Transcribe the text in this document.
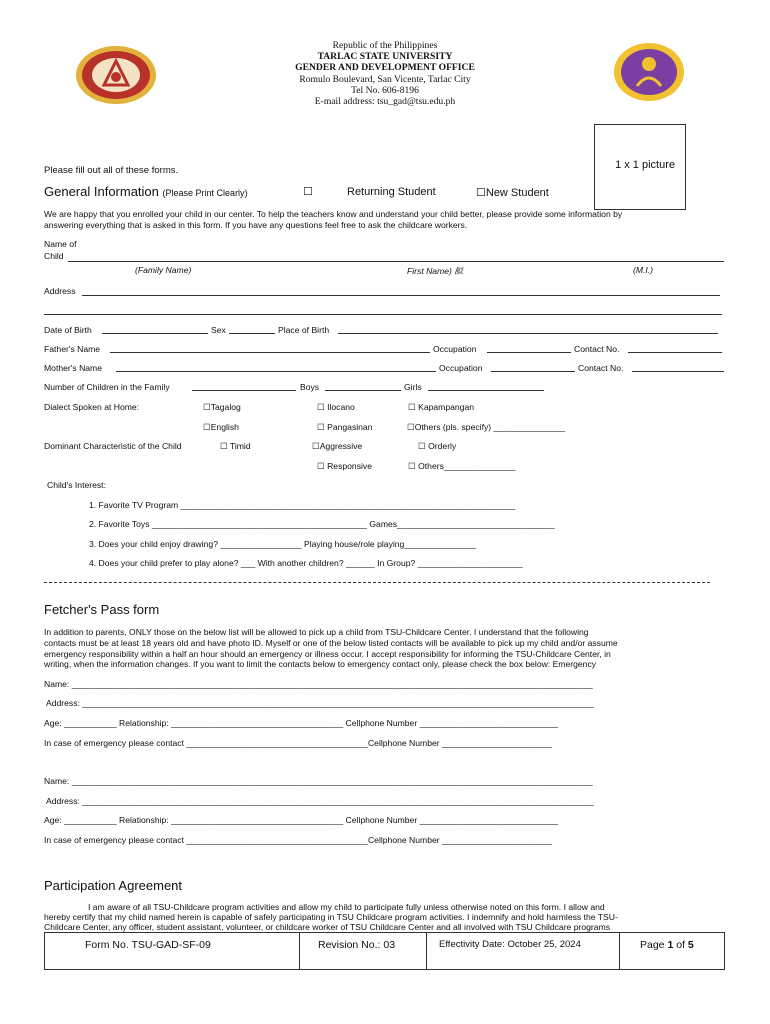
Republic of the Philippines
TARLAC STATE UNIVERSITY
GENDER AND DEVELOPMENT OFFICE
Romulo Boulevard, San Vicente, Tarlac City
Tel No. 606-8196
E-mail address: tsu_gad@tsu.edu.ph
1 x 1 picture
Please fill out all of these forms.
General Information (Please Print Clearly)	☐	Returning Student	☐New Student
We are happy that you enrolled your child in our center. To help the teachers know and understand your child better, please provide some information by
answering everything that is asked in this form. If you have any questions feel free to ask the childcare workers.
Name of
Child
(Family Name)	First Name) 䬮	(M.I.)
Address
Date of Birth	Sex	Place of Birth
Father's Name	Occupation	Contact No.
Mother's Name	Occupation	Contact No.
Number of Children in the Family	Boys	Girls
Dialect Spoken at Home:	☐Tagalog	☐ Ilocano	☐ Kapampangan
☐English	☐ Pangasinan	☐Others (pls. specify) _______________
Dominant Characteristic of the Child	☐ Timid	☐Aggressive	☐ Orderly
☐ Responsive	☐ Others_______________
Child's Interest:
1. Favorite TV Program ______________________________________________________________________
2. Favorite Toys _____________________________________________ Games_________________________________
3. Does your child enjoy drawing? _________________ Playing house/role playing_______________
4. Does your child prefer to play alone? ___ With another children? ______ In Group? ______________________
Fetcher's Pass form
In addition to parents, ONLY those on the below list will be allowed to pick up a child from TSU-Childcare Center. I understand that the following
contacts must be at least 18 years old and have photo ID. Myself or one of the below listed contacts will be available to pick up my child and/or assume
emergency responsibility within a half an hour should an emergency or illness occur. I accept responsibility for informing the TSU-Childcare Center, in
writing, when the information changes. If you want to limit the contacts below to emergency contact only, please check the box below: Emergency
Name: _____________________________________________________________________________________________________________
Address: ___________________________________________________________________________________________________________
Age: ___________ Relationship: ____________________________________ Cellphone Number _____________________________
In case of emergency please contact ______________________________________Cellphone Number _______________________
Name: _____________________________________________________________________________________________________________
Address: ___________________________________________________________________________________________________________
Age: ___________ Relationship: ____________________________________ Cellphone Number _____________________________
In case of emergency please contact ______________________________________Cellphone Number _______________________
Participation Agreement
I am aware of all TSU-Childcare program activities and allow my child to participate fully unless otherwise noted on this form. I allow and
hereby certify that my child named herein is capable of safely participating in TSU Childcare program activities. I indemnify and hold harmless the TSU-
Childcare Center, any officer, student assistant, volunteer, or childcare worker of TSU Childcare Center and all involved with TSU Childcare programs
Form No. TSU-GAD-SF-09	Revision No.: 03	Effectivity Date: October 25, 2024	Page 1 of 5
